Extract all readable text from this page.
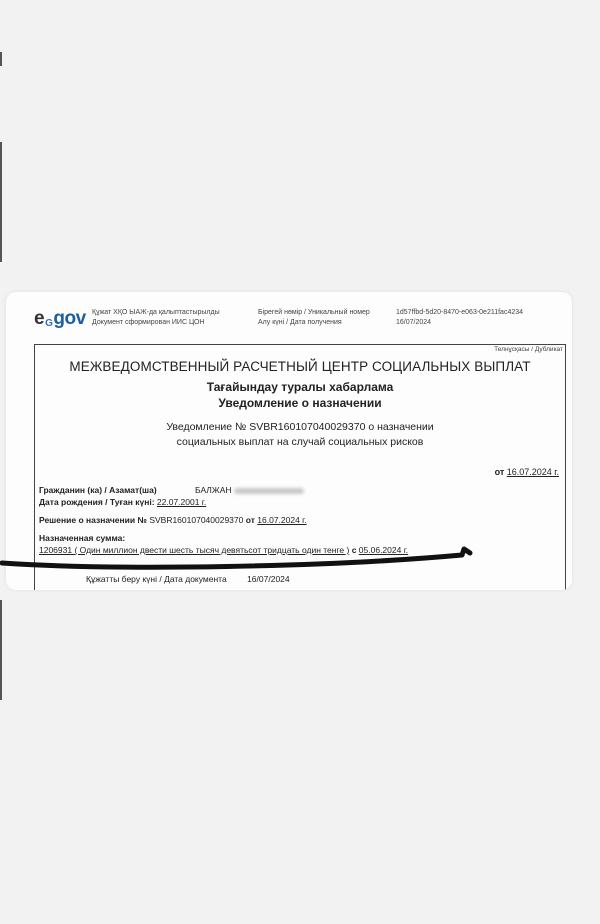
eGgov Құжат ХҚО ЫАЖ-да қалыптастырылды
Документ сформирован ИИС ЦОН
Бірегей нөмір / Уникальный номер
Алу күні / Дата получения
1d57ffbd-5d20-8470-e063-0e211fac4234
16/07/2024
Телнұсқасы / Дубликат
МЕЖВЕДОМСТВЕННЫЙ РАСЧЕТНЫЙ ЦЕНТР СОЦИАЛЬНЫХ ВЫПЛАТ
Тағайындау туралы хабарлама
Уведомление о назначении
Уведомление № SVBR160107040029370 о назначении
социальных выплат на случай социальных рисков
от 16.07.2024 г.
Гражданин (ка) / Азамат(ша)	БАЛЖАН
Дата рождения / Туған күні: 22.07.2001 г.
Решение о назначении № SVBR160107040029370 от 16.07.2024 г.
Назначенная сумма:
1206931 ( Один миллион двести шесть тысяч девятьсот тридцать один тенге ) с 05.06.2024 г.
Құжатты беру күні / Дата документа 16/07/2024
